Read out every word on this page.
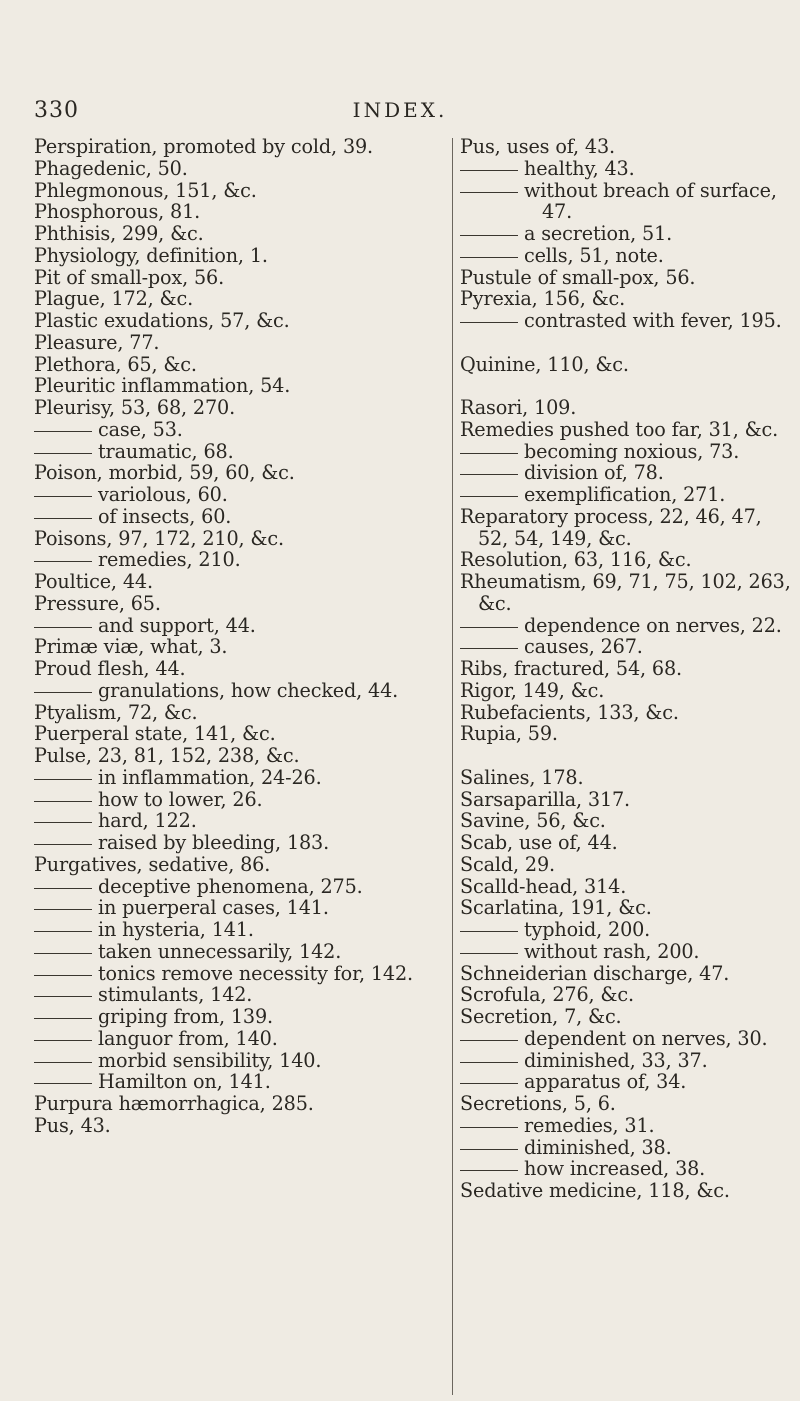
330	INDEX.

Perspiration, promoted by cold, 39.

Phagedenic, 50.

Phlegmonous, 151, &c.

Phosphorous, 81.

Phthisis, 299, &c.

Physiology, definition, 1.

Pit of small-pox, 56.

Plague, 172, &c.

Plastic exudations, 57, &c.

Pleasure, 77.

Plethora, 65, &c.

Pleuritic inflammation, 54.

Pleurisy, 53, 68, 270.

case, 53.

traumatic, 68.

Poison, morbid, 59, 60, &c.

variolous, 60.

of insects, 60.

Poisons, 97, 172, 210, &c.

remedies, 210.

Poultice, 44.

Pressure, 65.

and support, 44.

Primæ viæ, what, 3.

Proud flesh, 44.

granulations, how checked, 44.

Ptyalism, 72, &c.

Puerperal state, 141, &c.

Pulse, 23, 81, 152, 238, &c.

in inflammation, 24-26.

how to lower, 26.

hard, 122.

raised by bleeding, 183.

Purgatives, sedative, 86.

deceptive phenomena, 275.

in puerperal cases, 141.

in hysteria, 141.

taken unnecessarily, 142.

tonics remove necessity for, 142.

stimulants, 142.

griping from, 139.

languor from, 140.

morbid sensibility, 140.

Hamilton on, 141.

Purpura hæmorrhagica, 285.

Pus, 43.

Pus, uses of, 43.

healthy, 43.

without breach of surface, 47.

a secretion, 51.

cells, 51, note.

Pustule of small-pox, 56.

Pyrexia, 156, &c.

contrasted with fever, 195.

Quinine, 110, &c.

Rasori, 109.

Remedies pushed too far, 31, &c.

becoming noxious, 73.

division of, 78.

exemplification, 271.

Reparatory process, 22, 46, 47, 52, 54, 149, &c.

Resolution, 63, 116, &c.

Rheumatism, 69, 71, 75, 102, 263, &c.

dependence on nerves, 22.

causes, 267.

Ribs, fractured, 54, 68.

Rigor, 149, &c.

Rubefacients, 133, &c.

Rupia, 59.

Salines, 178.

Sarsaparilla, 317.

Savine, 56, &c.

Scab, use of, 44.

Scald, 29.

Scalld-head, 314.

Scarlatina, 191, &c.

typhoid, 200.

without rash, 200.

Schneiderian discharge, 47.

Scrofula, 276, &c.

Secretion, 7, &c.

dependent on nerves, 30.

diminished, 33, 37.

apparatus of, 34.

Secretions, 5, 6.

remedies, 31.

diminished, 38.

how increased, 38.

Sedative medicine, 118, &c.
